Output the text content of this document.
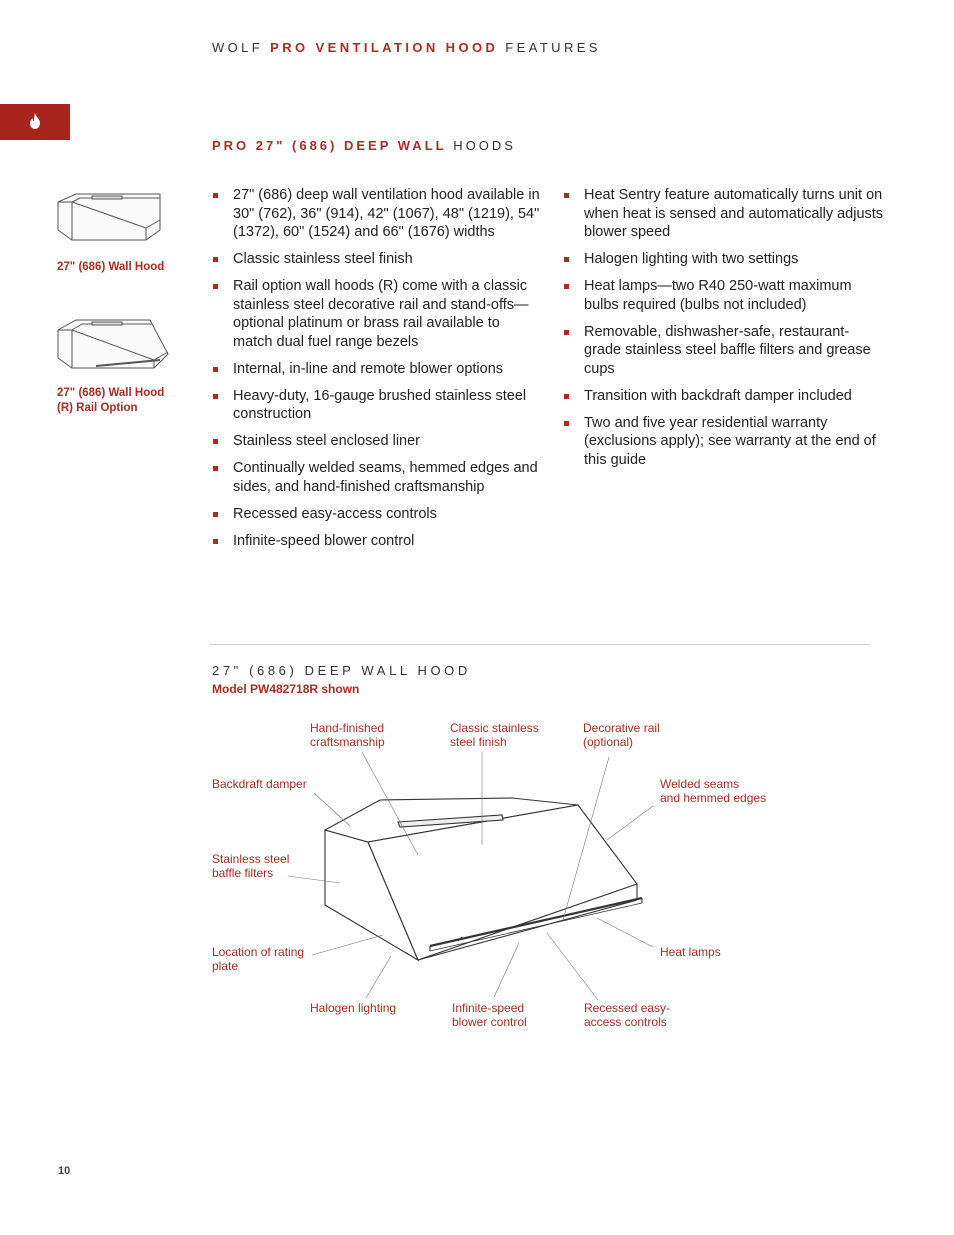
WOLF PRO VENTILATION HOOD FEATURES
PRO 27" (686) DEEP WALL HOODS
27" (686) Wall Hood
27" (686) Wall Hood
(R) Rail Option
27" (686) deep wall ventilation hood available in 30" (762), 36" (914), 42" (1067), 48" (1219), 54" (1372), 60" (1524) and 66" (1676) widths
Classic stainless steel finish
Rail option wall hoods (R) come with a classic stainless steel decorative rail and stand-offs—optional platinum or brass rail available to match dual fuel range bezels
Internal, in-line and remote blower options
Heavy-duty, 16-gauge brushed stainless steel construction
Stainless steel enclosed liner
Continually welded seams, hemmed edges and sides, and hand-finished craftsmanship
Recessed easy-access controls
Infinite-speed blower control
Heat Sentry feature automatically turns unit on when heat is sensed and automatically adjusts blower speed
Halogen lighting with two settings
Heat lamps—two R40 250-watt maximum bulbs required (bulbs not included)
Removable, dishwasher-safe, restaurant-grade stainless steel baffle filters and grease cups
Transition with backdraft damper included
Two and five year residential warranty (exclusions apply); see warranty at the end of this guide
27" (686) DEEP WALL HOOD
Model PW482718R shown
Hand-finished
craftsmanship
Classic stainless
steel finish
Decorative rail
(optional)
Backdraft damper	Welded seams
and hemmed edges
Stainless steel
baffle filters
Location of rating
plate
Heat lamps
Halogen lighting	Infinite-speed
blower control
Recessed easy-
access controls
10
